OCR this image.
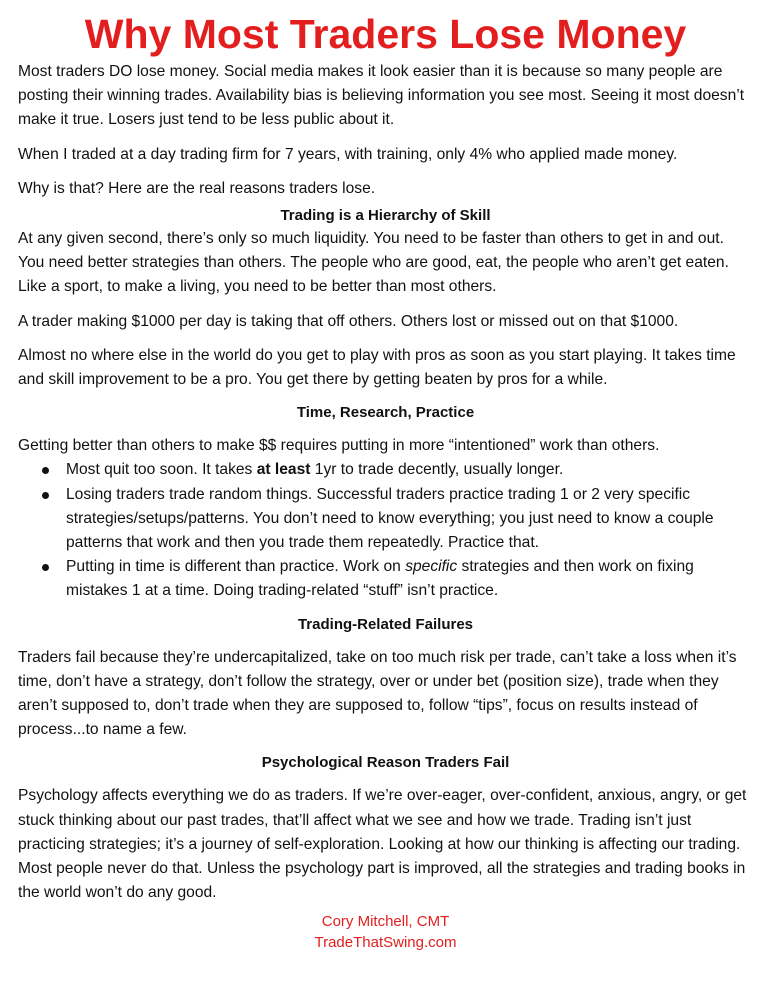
Why Most Traders Lose Money

Most traders DO lose money. Social media makes it look easier than it is because so many people are posting their winning trades. Availability bias is believing information you see most. Seeing it most doesn’t make it true. Losers just tend to be less public about it.

When I traded at a day trading firm for 7 years, with training, only 4% who applied made money.

Why is that? Here are the real reasons traders lose.

Trading is a Hierarchy of Skill

At any given second, there’s only so much liquidity. You need to be faster than others to get in and out. You need better strategies than others. The people who are good, eat, the people who aren’t get eaten. Like a sport, to make a living, you need to be better than most others.

A trader making $1000 per day is taking that off others. Others lost or missed out on that $1000.

Almost no where else in the world do you get to play with pros as soon as you start playing. It takes time and skill improvement to be a pro. You get there by getting beaten by pros for a while.

Time, Research, Practice

Getting better than others to make $$ requires putting in more “intentioned” work than others.

Most quit too soon. It takes at least 1yr to trade decently, usually longer.
Losing traders trade random things. Successful traders practice trading 1 or 2 very specific strategies/setups/patterns. You don’t need to know everything; you just need to know a couple patterns that work and then you trade them repeatedly. Practice that.
Putting in time is different than practice. Work on specific strategies and then work on fixing mistakes 1 at a time. Doing trading-related “stuff” isn’t practice.
Trading-Related Failures

Traders fail because they’re undercapitalized, take on too much risk per trade, can’t take a loss when it’s time, don’t have a strategy, don’t follow the strategy, over or under bet (position size), trade when they aren’t supposed to, don’t trade when they are supposed to, follow “tips”, focus on results instead of process...to name a few.

Psychological Reason Traders Fail

Psychology affects everything we do as traders. If we’re over-eager, over-confident, anxious, angry, or get stuck thinking about our past trades, that’ll affect what we see and how we trade. Trading isn’t just practicing strategies; it’s a journey of self-exploration. Looking at how our thinking is affecting our trading. Most people never do that. Unless the psychology part is improved, all the strategies and trading books in the world won’t do any good.

Cory Mitchell, CMT
TradeThatSwing.com
